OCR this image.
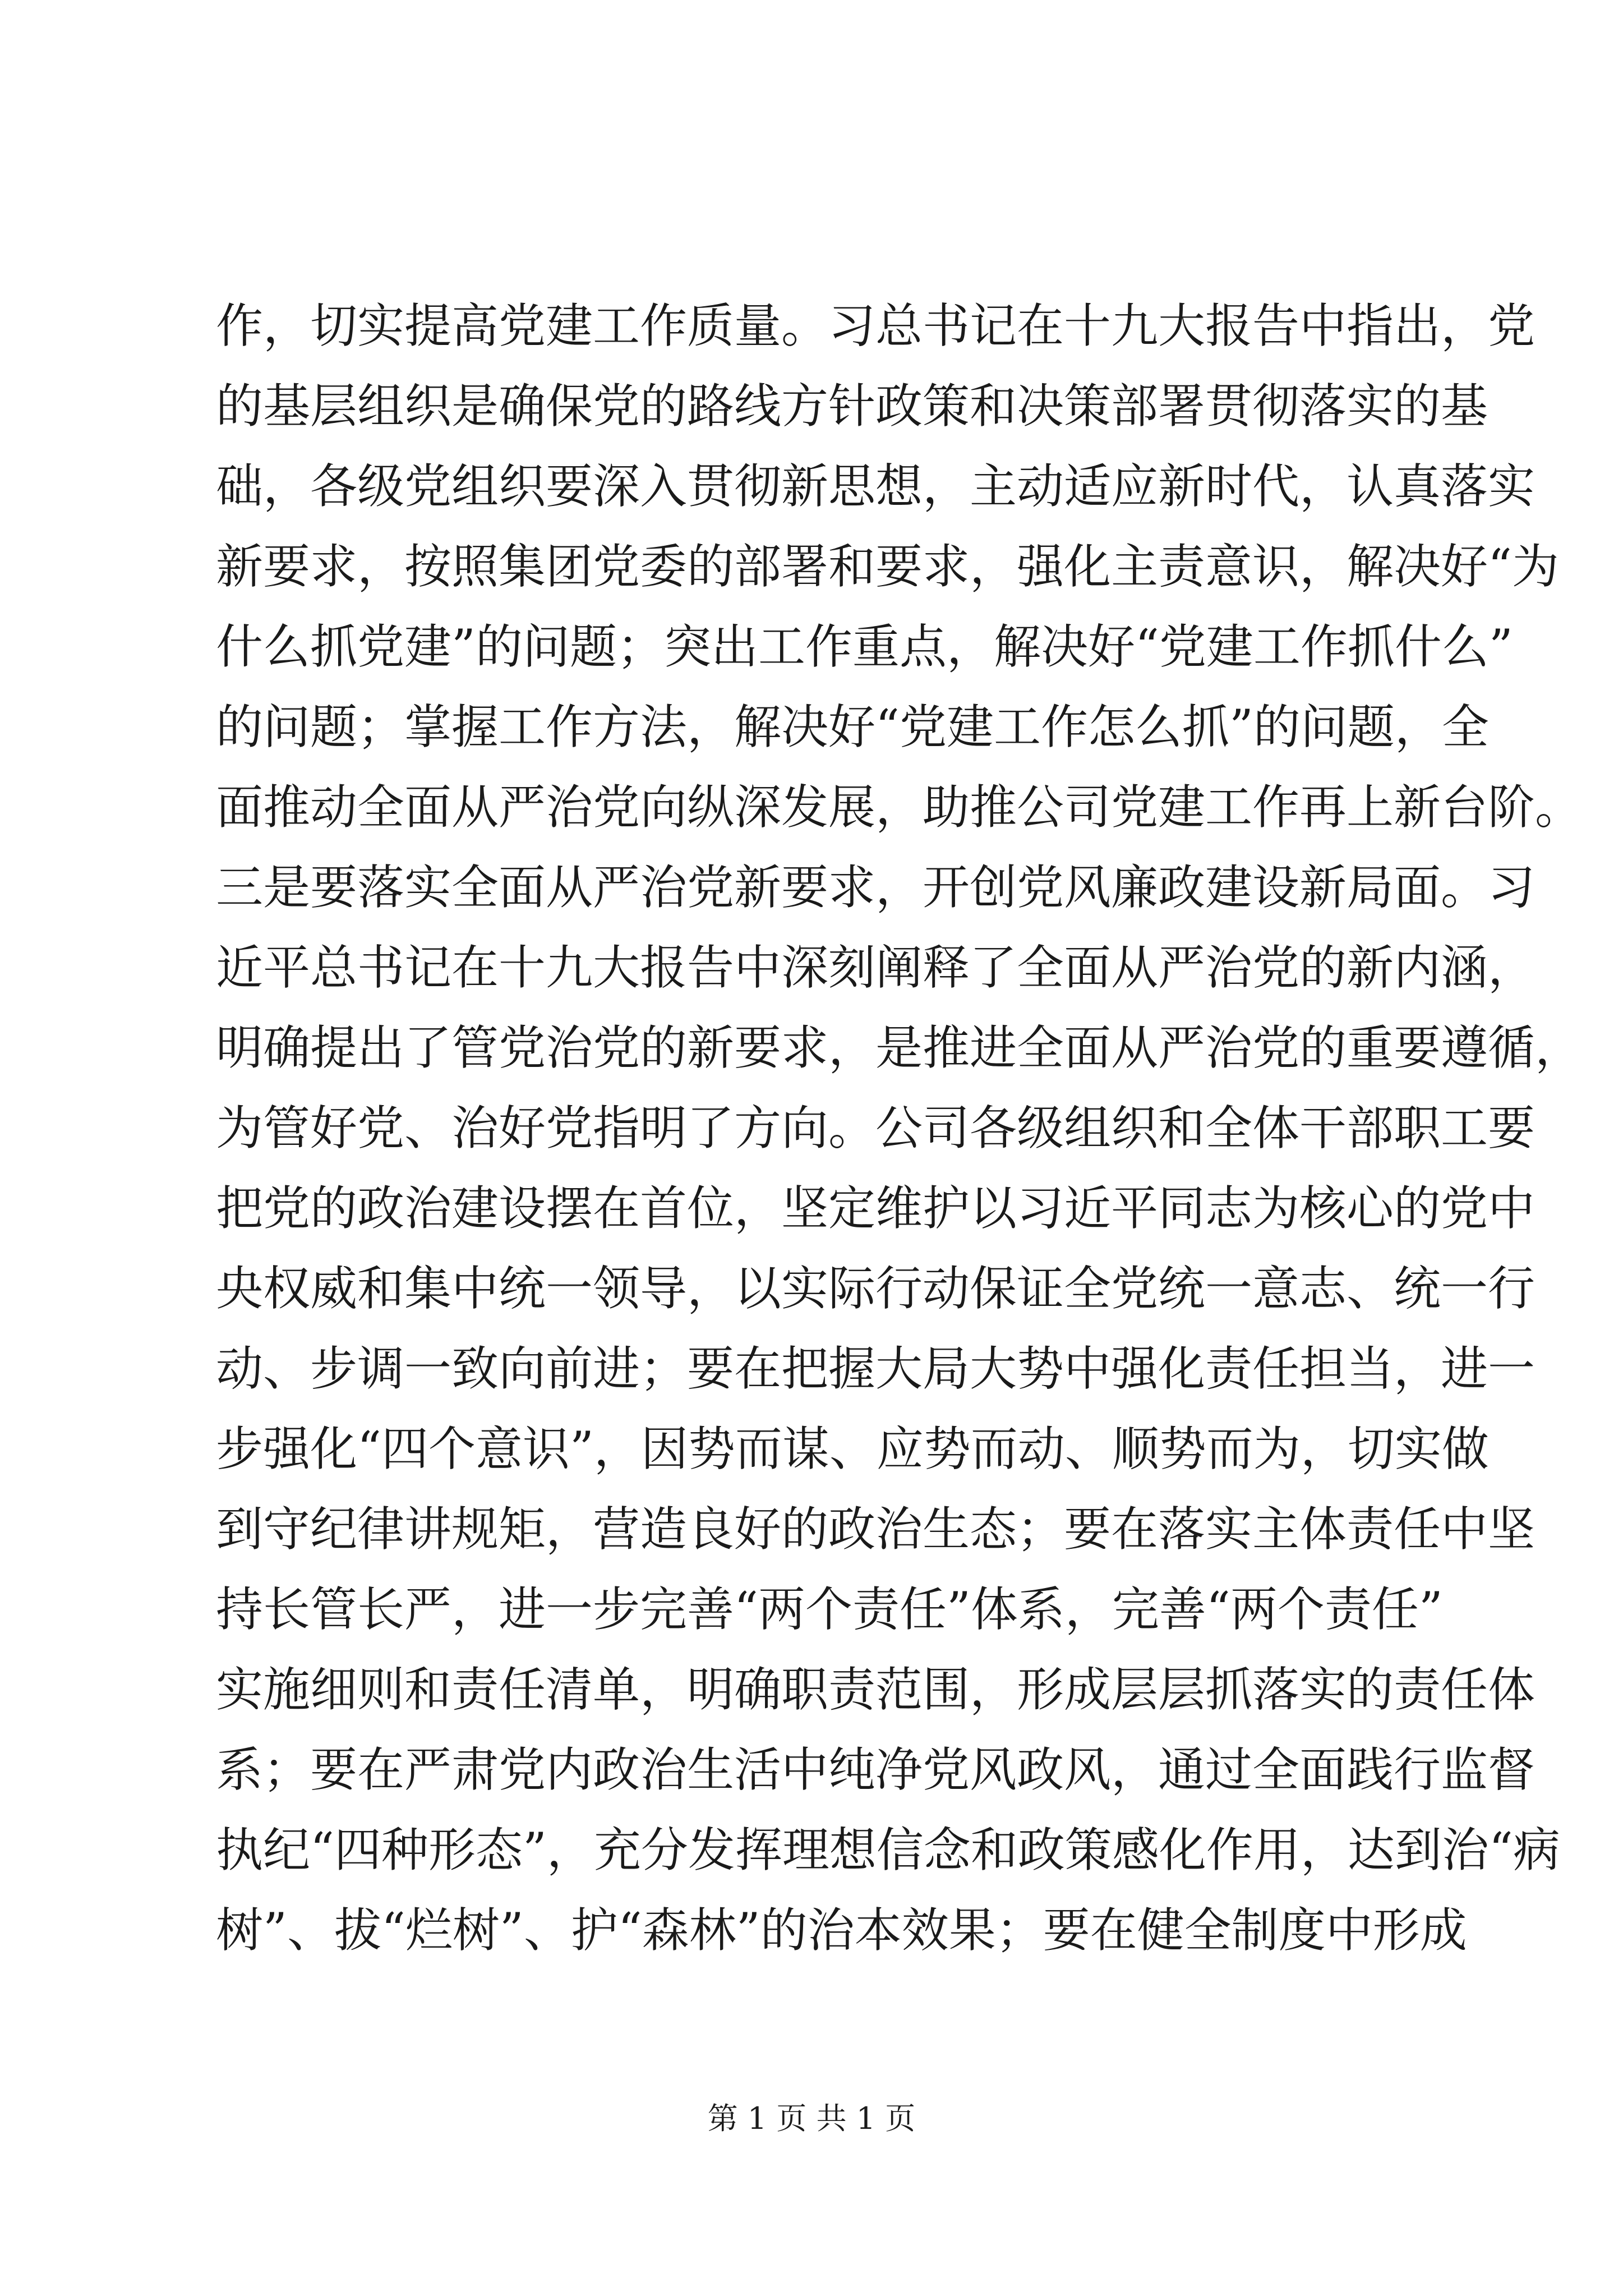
作，切实提高党建工作质量。习总书记在十九大报告中指出，党
的基层组织是确保党的路线方针政策和决策部署贯彻落实的基
础，各级党组织要深入贯彻新思想，主动适应新时代，认真落实
新要求，按照集团党委的部署和要求，强化主责意识，解决好“为
什么抓党建”的问题；突出工作重点，解决好“党建工作抓什么”
的问题；掌握工作方法，解决好“党建工作怎么抓”的问题，全
面推动全面从严治党向纵深发展，助推公司党建工作再上新台阶。
三是要落实全面从严治党新要求，开创党风廉政建设新局面。习
近平总书记在十九大报告中深刻阐释了全面从严治党的新内涵，
明确提出了管党治党的新要求，是推进全面从严治党的重要遵循，
为管好党、治好党指明了方向。公司各级组织和全体干部职工要
把党的政治建设摆在首位，坚定维护以习近平同志为核心的党中
央权威和集中统一领导，以实际行动保证全党统一意志、统一行
动、步调一致向前进；要在把握大局大势中强化责任担当，进一
步强化“四个意识”，因势而谋、应势而动、顺势而为，切实做
到守纪律讲规矩，营造良好的政治生态；要在落实主体责任中坚
持长管长严，进一步完善“两个责任”体系，完善“两个责任”
实施细则和责任清单，明确职责范围，形成层层抓落实的责任体
系；要在严肃党内政治生活中纯净党风政风，通过全面践行监督
执纪“四种形态”，充分发挥理想信念和政策感化作用，达到治“病
树”、拔“烂树”、护“森林”的治本效果；要在健全制度中形成
第 1 页 共 1 页
